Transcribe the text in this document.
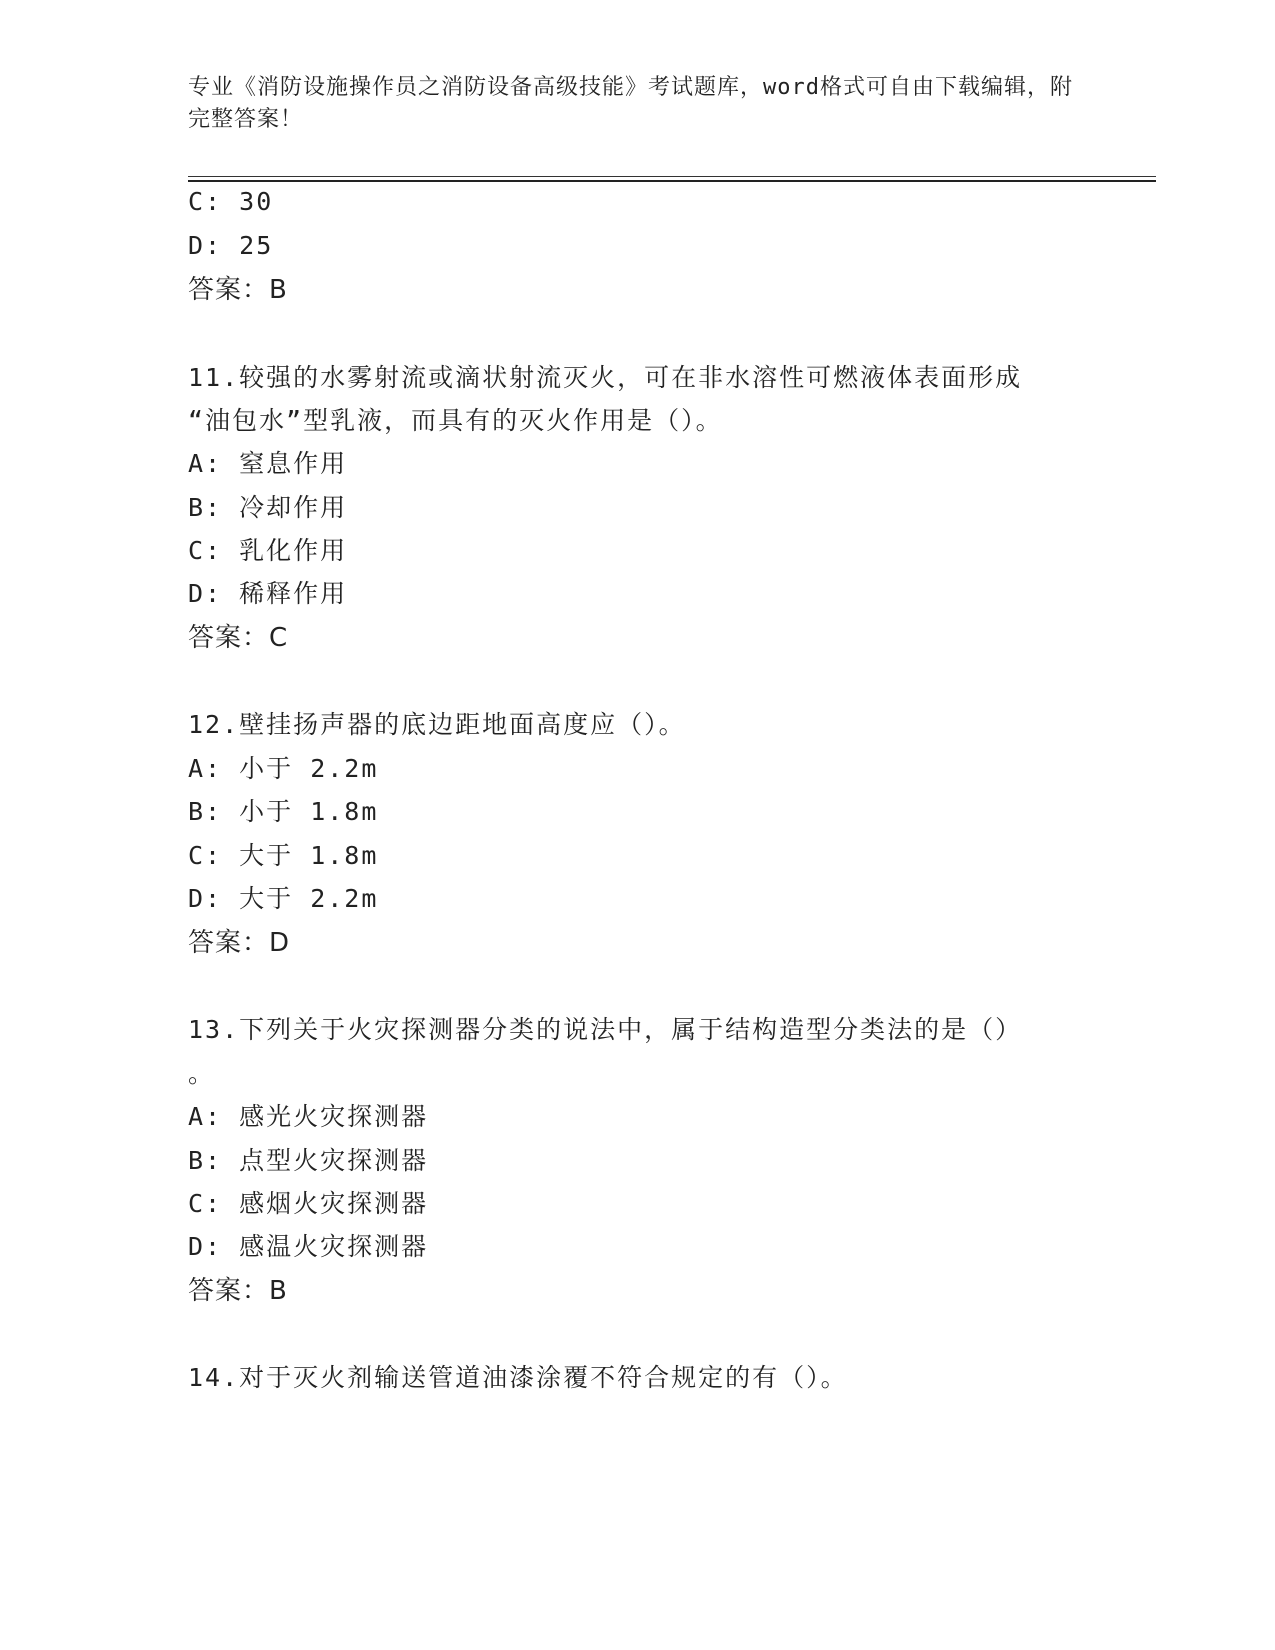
专业《消防设施操作员之消防设备高级技能》考试题库，word格式可自由下载编辑，附完整答案！
C: 30
D: 25
答案：B
11.较强的水雾射流或滴状射流灭火，可在非水溶性可燃液体表面形成
“油包水”型乳液，而具有的灭火作用是（）。
A: 窒息作用
B: 冷却作用
C: 乳化作用
D: 稀释作用
答案：C
12.壁挂扬声器的底边距地面高度应（）。
A: 小于 2.2m
B: 小于 1.8m
C: 大于 1.8m
D: 大于 2.2m
答案：D
13.下列关于火灾探测器分类的说法中，属于结构造型分类法的是（）
。
A: 感光火灾探测器
B: 点型火灾探测器
C: 感烟火灾探测器
D: 感温火灾探测器
答案：B
14.对于灭火剂输送管道油漆涂覆不符合规定的有（）。
